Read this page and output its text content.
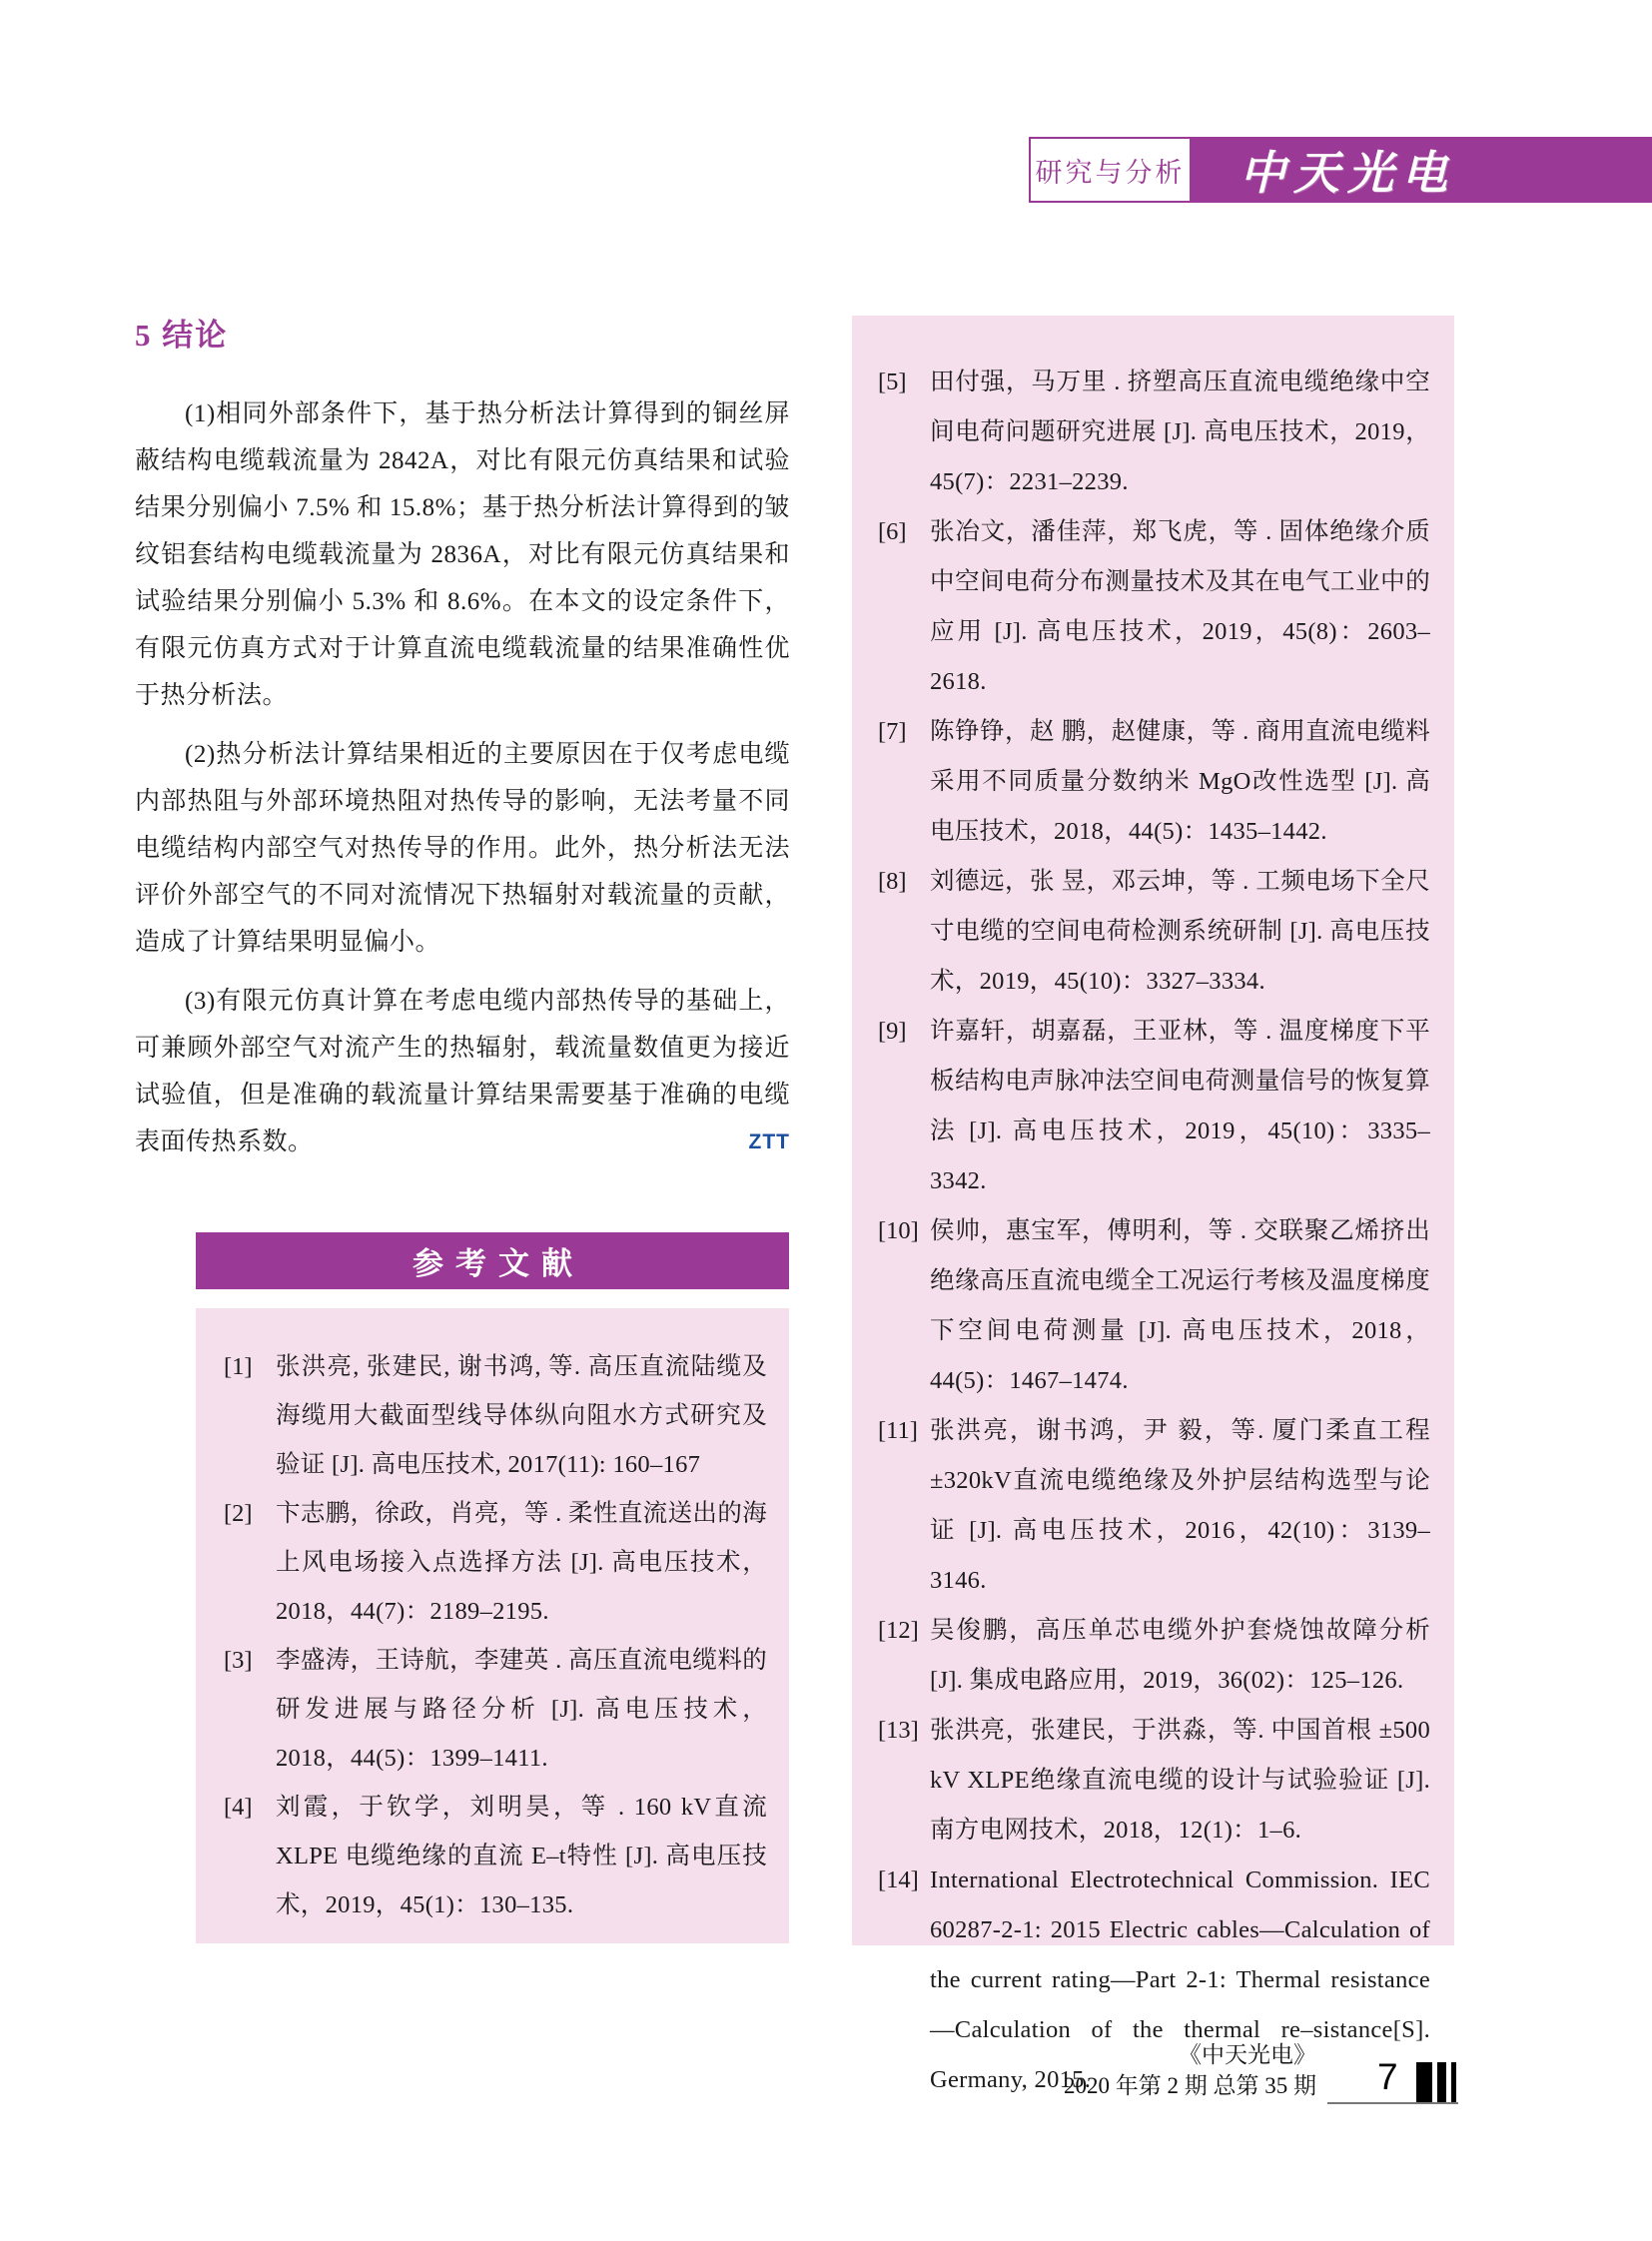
研究与分析 中天光电
5 结论

(1)相同外部条件下，基于热分析法计算得到的铜丝屏蔽结构电缆载流量为 2842A，对比有限元仿真结果和试验结果分别偏小 7.5% 和 15.8%；基于热分析法计算得到的皱纹铝套结构电缆载流量为 2836A，对比有限元仿真结果和试验结果分别偏小 5.3% 和 8.6%。在本文的设定条件下，有限元仿真方式对于计算直流电缆载流量的结果准确性优于热分析法。

(2)热分析法计算结果相近的主要原因在于仅考虑电缆内部热阻与外部环境热阻对热传导的影响，无法考量不同电缆结构内部空气对热传导的作用。此外，热分析法无法评价外部空气的不同对流情况下热辐射对载流量的贡献，造成了计算结果明显偏小。

(3)有限元仿真计算在考虑电缆内部热传导的基础上，可兼顾外部空气对流产生的热辐射，载流量数值更为接近试验值，但是准确的载流量计算结果需要基于准确的电缆表面传热系数。	ZTT

参考文献
[1] 张洪亮, 张建民, 谢书鸿, 等. 高压直流陆缆及海缆用大截面型线导体纵向阻水方式研究及验证 [J]. 高电压技术, 2017(11): 160–167
[2] 卞志鹏，徐政，肖亮，等 . 柔性直流送出的海上风电场接入点选择方法 [J]. 高电压技术，2018，44(7)：2189–2195.
[3] 李盛涛，王诗航，李建英 . 高压直流电缆料的研发进展与路径分析 [J]. 高电压技术，2018，44(5)：1399–1411.
[4] 刘霞，于钦学，刘明昊，等 . 160 kV直流 XLPE 电缆绝缘的直流 E–t特性 [J]. 高电压技术，2019，45(1)：130–135.
[5] 田付强，马万里 . 挤塑高压直流电缆绝缘中空间电荷问题研究进展 [J]. 高电压技术，2019，45(7)：2231–2239.
[6] 张冶文，潘佳萍，郑飞虎，等 . 固体绝缘介质中空间电荷分布测量技术及其在电气工业中的应用 [J]. 高电压技术，2019，45(8)：2603–2618.
[7] 陈铮铮，赵 鹏，赵健康，等 . 商用直流电缆料采用不同质量分数纳米 MgO改性选型 [J]. 高电压技术，2018，44(5)：1435–1442.
[8] 刘德远，张 昱，邓云坤，等 . 工频电场下全尺寸电缆的空间电荷检测系统研制 [J]. 高电压技术，2019，45(10)：3327–3334.
[9] 许嘉轩，胡嘉磊，王亚林，等 . 温度梯度下平板结构电声脉冲法空间电荷测量信号的恢复算法 [J]. 高电压技术，2019，45(10)：3335–3342.
[10] 侯帅，惠宝军，傅明利，等 . 交联聚乙烯挤出绝缘高压直流电缆全工况运行考核及温度梯度下空间电荷测量 [J]. 高电压技术，2018，44(5)：1467–1474.
[11] 张洪亮，谢书鸿，尹 毅，等. 厦门柔直工程 ±320kV直流电缆绝缘及外护层结构选型与论证 [J]. 高电压技术，2016，42(10)：3139–3146.
[12] 吴俊鹏，高压单芯电缆外护套烧蚀故障分析 [J]. 集成电路应用，2019，36(02)：125–126.
[13] 张洪亮，张建民，于洪淼，等. 中国首根 ±500 kV XLPE绝缘直流电缆的设计与试验验证 [J]. 南方电网技术，2018，12(1)：1–6.
[14] International Electrotechnical Commission. IEC 60287-2-1: 2015 Electric cables—Calculation of the current rating—Part 2-1: Thermal resistance—Calculation of the thermal re–sistance[S]. Germany, 2015.
《中天光电》
2020 年第 2 期 总第 35 期 7
